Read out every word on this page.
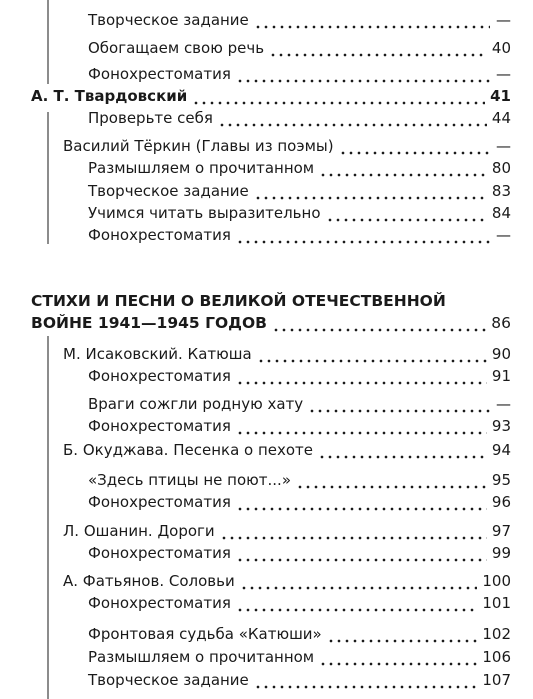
Творческое задание	—
Обогащаем свою речь	40
Фонохрестоматия	—
А. Т. Твардовский	41
Проверьте себя	44
Василий Тёркин (Главы из поэмы)	—
Размышляем о прочитанном	80
Творческое задание	83
Учимся читать выразительно	84
Фонохрестоматия	—
СТИХИ И ПЕСНИ О ВЕЛИКОЙ ОТЕЧЕСТВЕННОЙ
ВОЙНЕ 1941—1945 ГОДОВ	86
М. Исаковский. Катюша	90
Фонохрестоматия	91
Враги сожгли родную хату	—
Фонохрестоматия	93
Б. Окуджава. Песенка о пехоте	94
«Здесь птицы не поют...»	95
Фонохрестоматия	96
Л. Ошанин. Дороги	97
Фонохрестоматия	99
А. Фатьянов. Соловьи	100
Фонохрестоматия	101
Фронтовая судьба «Катюши»	102
Размышляем о прочитанном	106
Творческое задание	107
